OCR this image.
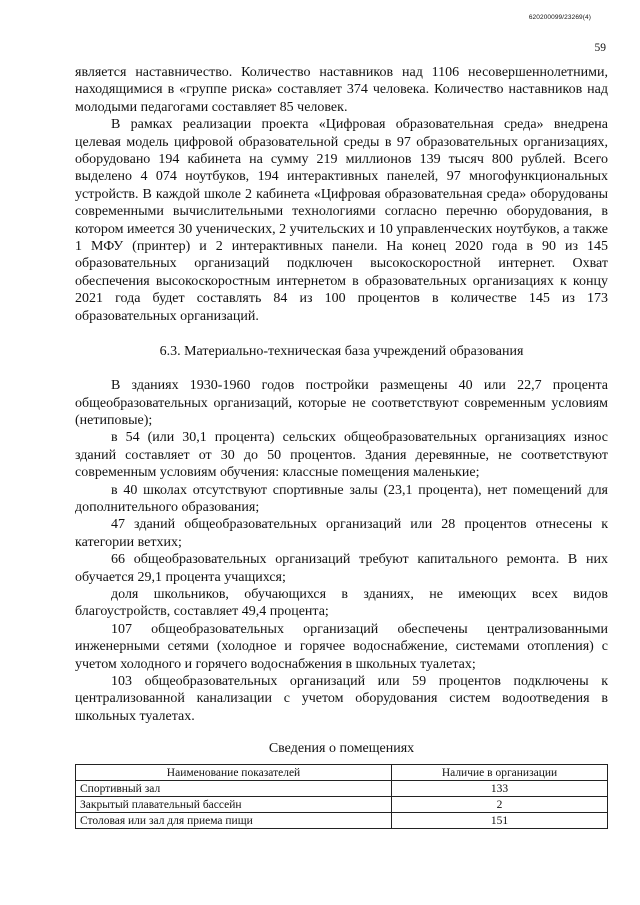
620200099/23269(4)
59

является наставничество. Количество наставников над 1106 несовершеннолетними, находящимися в «группе риска» составляет 374 человека. Количество наставников над молодыми педагогами составляет 85 человек.

В рамках реализации проекта «Цифровая образовательная среда» внедрена целевая модель цифровой образовательной среды в 97 образовательных организациях, оборудовано 194 кабинета на сумму 219 миллионов 139 тысяч 800 рублей. Всего выделено 4 074 ноутбуков, 194 интерактивных панелей, 97 многофункциональных устройств. В каждой школе 2 кабинета «Цифровая образовательная среда» оборудованы современными вычислительными технологиями согласно перечню оборудования, в котором имеется 30 ученических, 2 учительских и 10 управленческих ноутбуков, а также 1 МФУ (принтер) и 2 интерактивных панели. На конец 2020 года в 90 из 145 образовательных организаций подключен высокоскоростной интернет. Охват обеспечения высокоскоростным интернетом в образовательных организациях к концу 2021 года будет составлять 84 из 100 процентов в количестве 145 из 173 образовательных организаций.

6.3. Материально-техническая база учреждений образования

В зданиях 1930-1960 годов постройки размещены 40 или 22,7 процента общеобразовательных организаций, которые не соответствуют современным условиям (нетиповые);

в 54 (или 30,1 процента) сельских общеобразовательных организациях износ зданий составляет от 30 до 50 процентов. Здания деревянные, не соответствуют современным условиям обучения: классные помещения маленькие;

в 40 школах отсутствуют спортивные залы (23,1 процента), нет помещений для дополнительного образования;

47 зданий общеобразовательных организаций или 28 процентов отнесены к категории ветхих;

66 общеобразовательных организаций требуют капитального ремонта. В них обучается 29,1 процента учащихся;

доля школьников, обучающихся в зданиях, не имеющих всех видов благоустройств, составляет 49,4 процента;

107 общеобразовательных организаций обеспечены централизованными инженерными сетями (холодное и горячее водоснабжение, системами отопления) с учетом холодного и горячего водоснабжения в школьных туалетах;

103 общеобразовательных организаций или 59 процентов подключены к централизованной канализации с учетом оборудования систем водоотведения в школьных туалетах.

Сведения о помещениях
Наименование показателей	Наличие в организации
Спортивный зал	133
Закрытый плавательный бассейн	2
Столовая или зал для приема пищи	151
